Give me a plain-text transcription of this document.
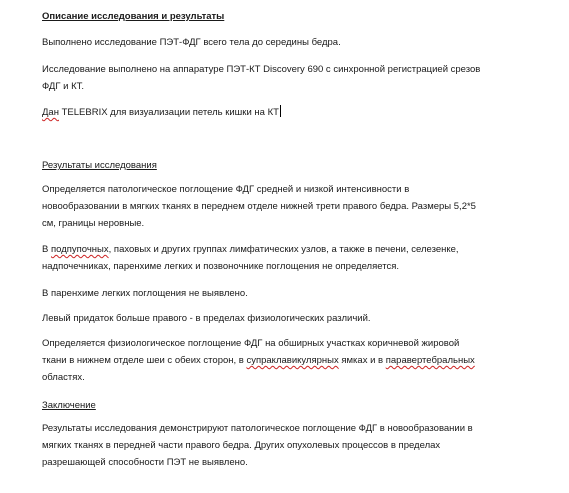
Описание исследования и результаты

Выполнено исследование ПЭТ-ФДГ всего тела до середины бедра.

Исследование выполнено на аппаратуре ПЭТ-КТ Discovery 690 с синхронной регистрацией срезов
ФДГ и КТ.

Дан TELEBRIX для визуализации петель кишки на КТ

Результаты исследования

Определяется патологическое поглощение ФДГ средней и низкой интенсивности в
новообразовании в мягких тканях в переднем отделе нижней трети правого бедра. Размеры 5,2*5
см, границы неровные.

В подпупочных, паховых и других группах лимфатических узлов, а также в печени, селезенке,
надпочечниках, паренхиме легких и позвоночнике поглощения не определяется.

В паренхиме легких поглощения не выявлено.

Левый придаток больше правого - в пределах физиологических различий.

Определяется физиологическое поглощение ФДГ на обширных участках коричневой жировой
ткани в нижнем отделе шеи с обеих сторон, в супраклавикулярных ямках и в паравертебральных
областях.

Заключение

Результаты исследования демонстрируют патологическое поглощение ФДГ в новообразовании в
мягких тканях в передней части правого бедра. Других опухолевых процессов в пределах
разрешающей способности ПЭТ не выявлено.
